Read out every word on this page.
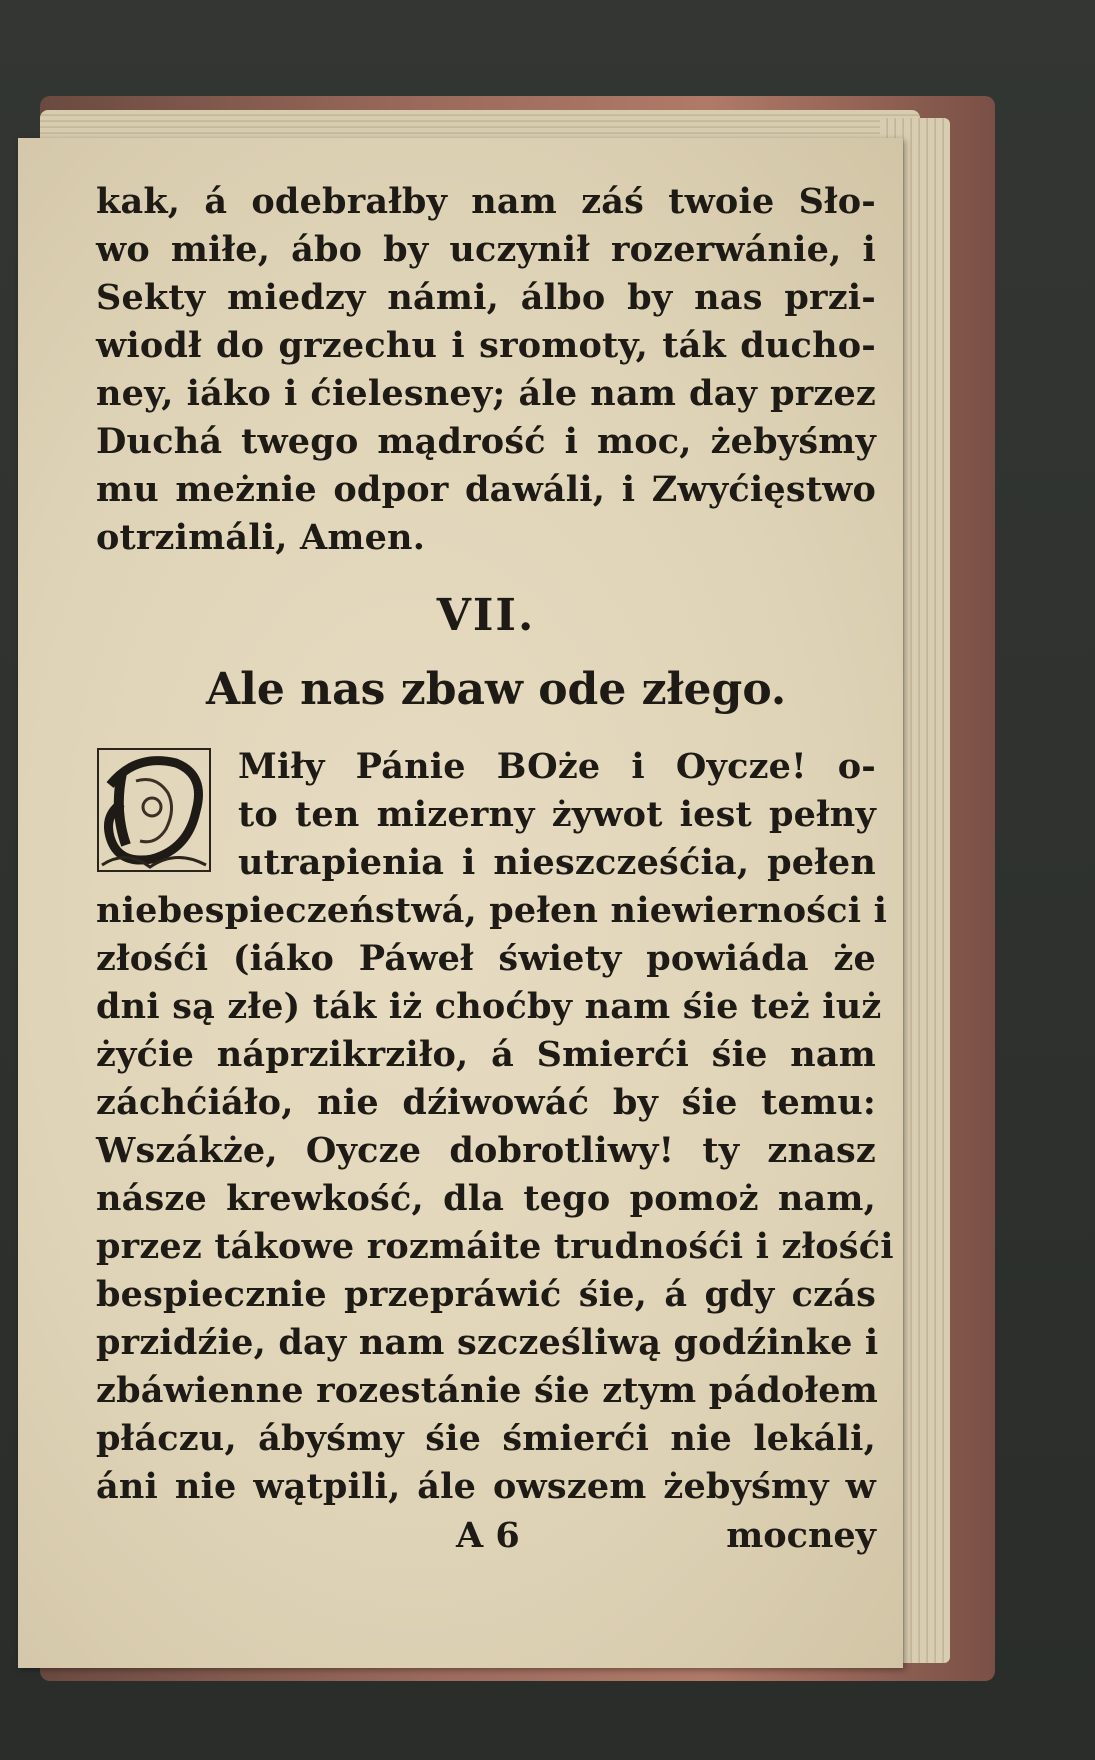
kak, á odebrałby nam záś twoie Sło-
wo miłe, ábo by uczynił rozerwánie, i
Sekty miedzy námi, álbo by nas przi-
wiodł do grzechu i sromoty, ták ducho-
ney, iáko i ćielesney; ále nam day przez
Duchá twego mądrość i moc, żebyśmy
mu meżnie odpor dawáli, i Zwyćięstwo
otrzimáli, Amen.
VII.
Ale nas zbaw ode złego.
Miły Pánie BOże i Oycze! o-
to ten mizerny żywot iest pełny
utrapienia i nieszcześćia, pełen
niebespieczeństwá, pełen niewierności i
złośći (iáko Páweł świety powiáda że
dni są złe) ták iż choćby nam śie też iuż
żyćie náprzikrziło, á Smierći śie nam
záchćiáło, nie dźiwowáć by śie temu:
Wszákże, Oycze dobrotliwy! ty znasz
násze krewkość, dla tego pomoż nam,
przez tákowe rozmáite trudnośći i złośći
bespiecznie przepráwić śie, á gdy czás
przidźie, day nam szcześliwą godźinke i
zbáwienne rozestánie śie ztym pádołem
płáczu, ábyśmy śie śmierći nie lekáli,
áni nie wątpili, ále owszem żebyśmy w
A 6	mocney
